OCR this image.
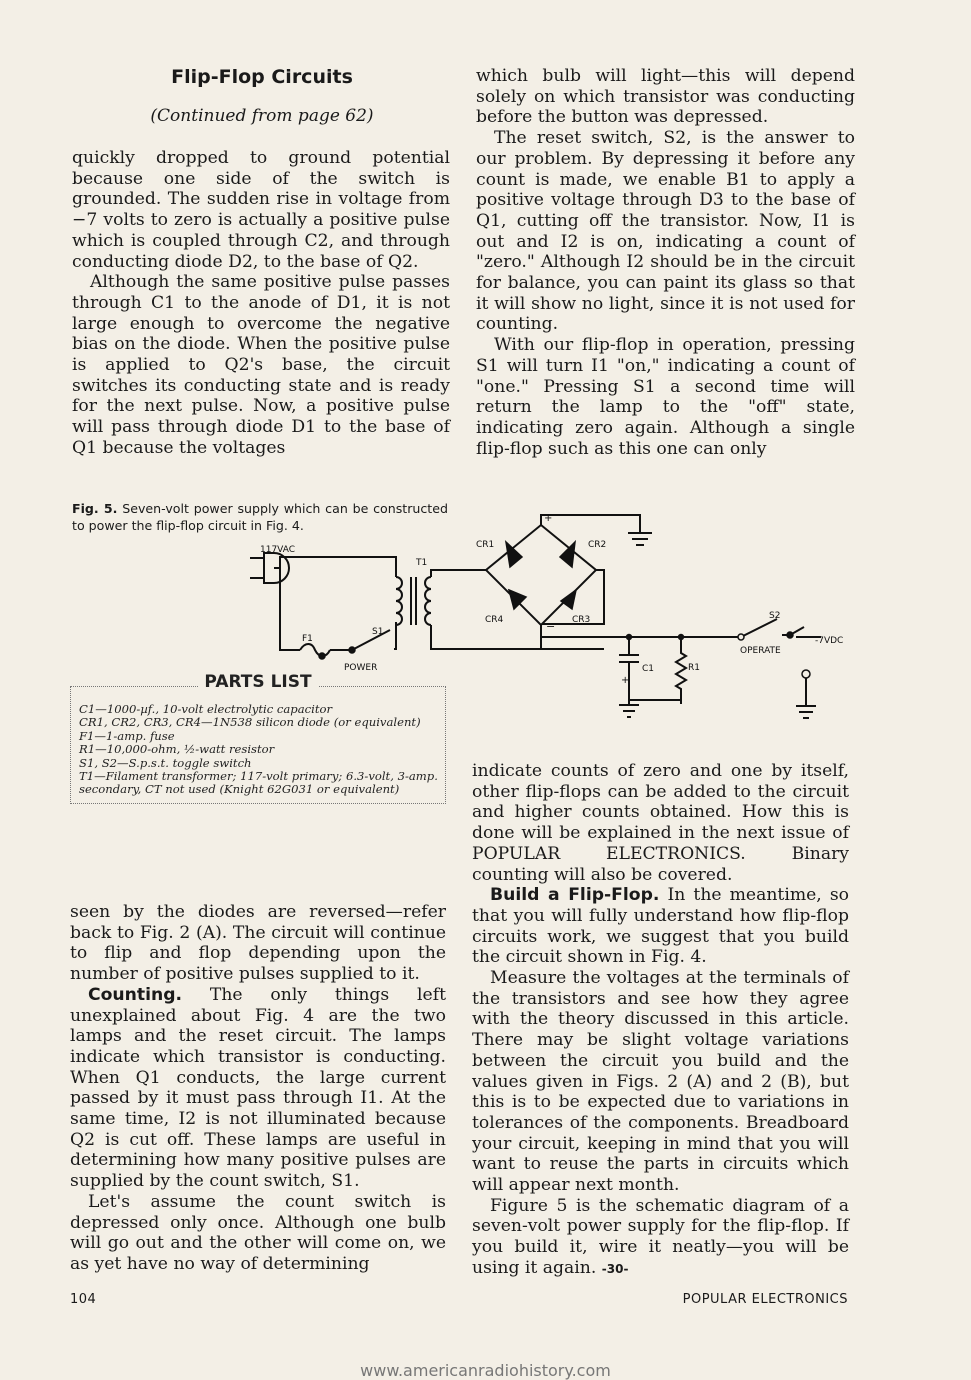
Flip-Flop Circuits
(Continued from page 62)

quickly dropped to ground potential because one side of the switch is grounded. The sudden rise in voltage from −7 volts to zero is actually a positive pulse which is coupled through C2, and through conducting diode D2, to the base of Q2.

Although the same positive pulse passes through C1 to the anode of D1, it is not large enough to overcome the negative bias on the diode. When the positive pulse is applied to Q2's base, the circuit switches its conducting state and is ready for the next pulse. Now, a positive pulse will pass through diode D1 to the base of Q1 because the voltages

which bulb will light—this will depend solely on which transistor was conducting before the button was depressed.

The reset switch, S2, is the answer to our problem. By depressing it before any count is made, we enable B1 to apply a positive voltage through D3 to the base of Q1, cutting off the transistor. Now, I1 is out and I2 is on, indicating a count of "zero." Although I2 should be in the circuit for balance, you can paint its glass so that it will show no light, since it is not used for counting.

With our flip-flop in operation, pressing S1 will turn I1 "on," indicating a count of "one." Pressing S1 a second time will return the lamp to the "off" state, indicating zero again. Although a single flip-flop such as this one can only

Fig. 5. Seven-volt power supply which can be constructed to power the flip-flop circuit in Fig. 4.
117VAC
T1
F1
S1
POWER
CR1	CR2
CR3
CR4
+
−
S2
OPERATE
-7VDC
C1	R1
+
PARTS LIST
C1—1000-µf., 10-volt electrolytic capacitor
CR1, CR2, CR3, CR4—1N538 silicon diode (or equivalent)
F1—1-amp. fuse
R1—10,000-ohm, ½-watt resistor
S1, S2—S.p.s.t. toggle switch
T1—Filament transformer; 117-volt primary; 6.3-volt, 3-amp. secondary, CT not used (Knight 62G031 or equivalent)

seen by the diodes are reversed—refer back to Fig. 2 (A). The circuit will continue to flip and flop depending upon the number of positive pulses supplied to it.

Counting. The only things left unexplained about Fig. 4 are the two lamps and the reset circuit. The lamps indicate which transistor is conducting. When Q1 conducts, the large current passed by it must pass through I1. At the same time, I2 is not illuminated because Q2 is cut off. These lamps are useful in determining how many positive pulses are supplied by the count switch, S1.

Let's assume the count switch is depressed only once. Although one bulb will go out and the other will come on, we as yet have no way of determining

indicate counts of zero and one by itself, other flip-flops can be added to the circuit and higher counts obtained. How this is done will be explained in the next issue of POPULAR ELECTRONICS. Binary counting will also be covered.

Build a Flip-Flop. In the meantime, so that you will fully understand how flip-flop circuits work, we suggest that you build the circuit shown in Fig. 4.

Measure the voltages at the terminals of the transistors and see how they agree with the theory discussed in this article. There may be slight voltage variations between the circuit you build and the values given in Figs. 2 (A) and 2 (B), but this is to be expected due to variations in tolerances of the components. Breadboard your circuit, keeping in mind that you will want to reuse the parts in circuits which will appear next month.

Figure 5 is the schematic diagram of a seven-volt power supply for the flip-flop. If you build it, wire it neatly—you will be using it again. -30-

104	POPULAR ELECTRONICS
www.americanradiohistory.com
